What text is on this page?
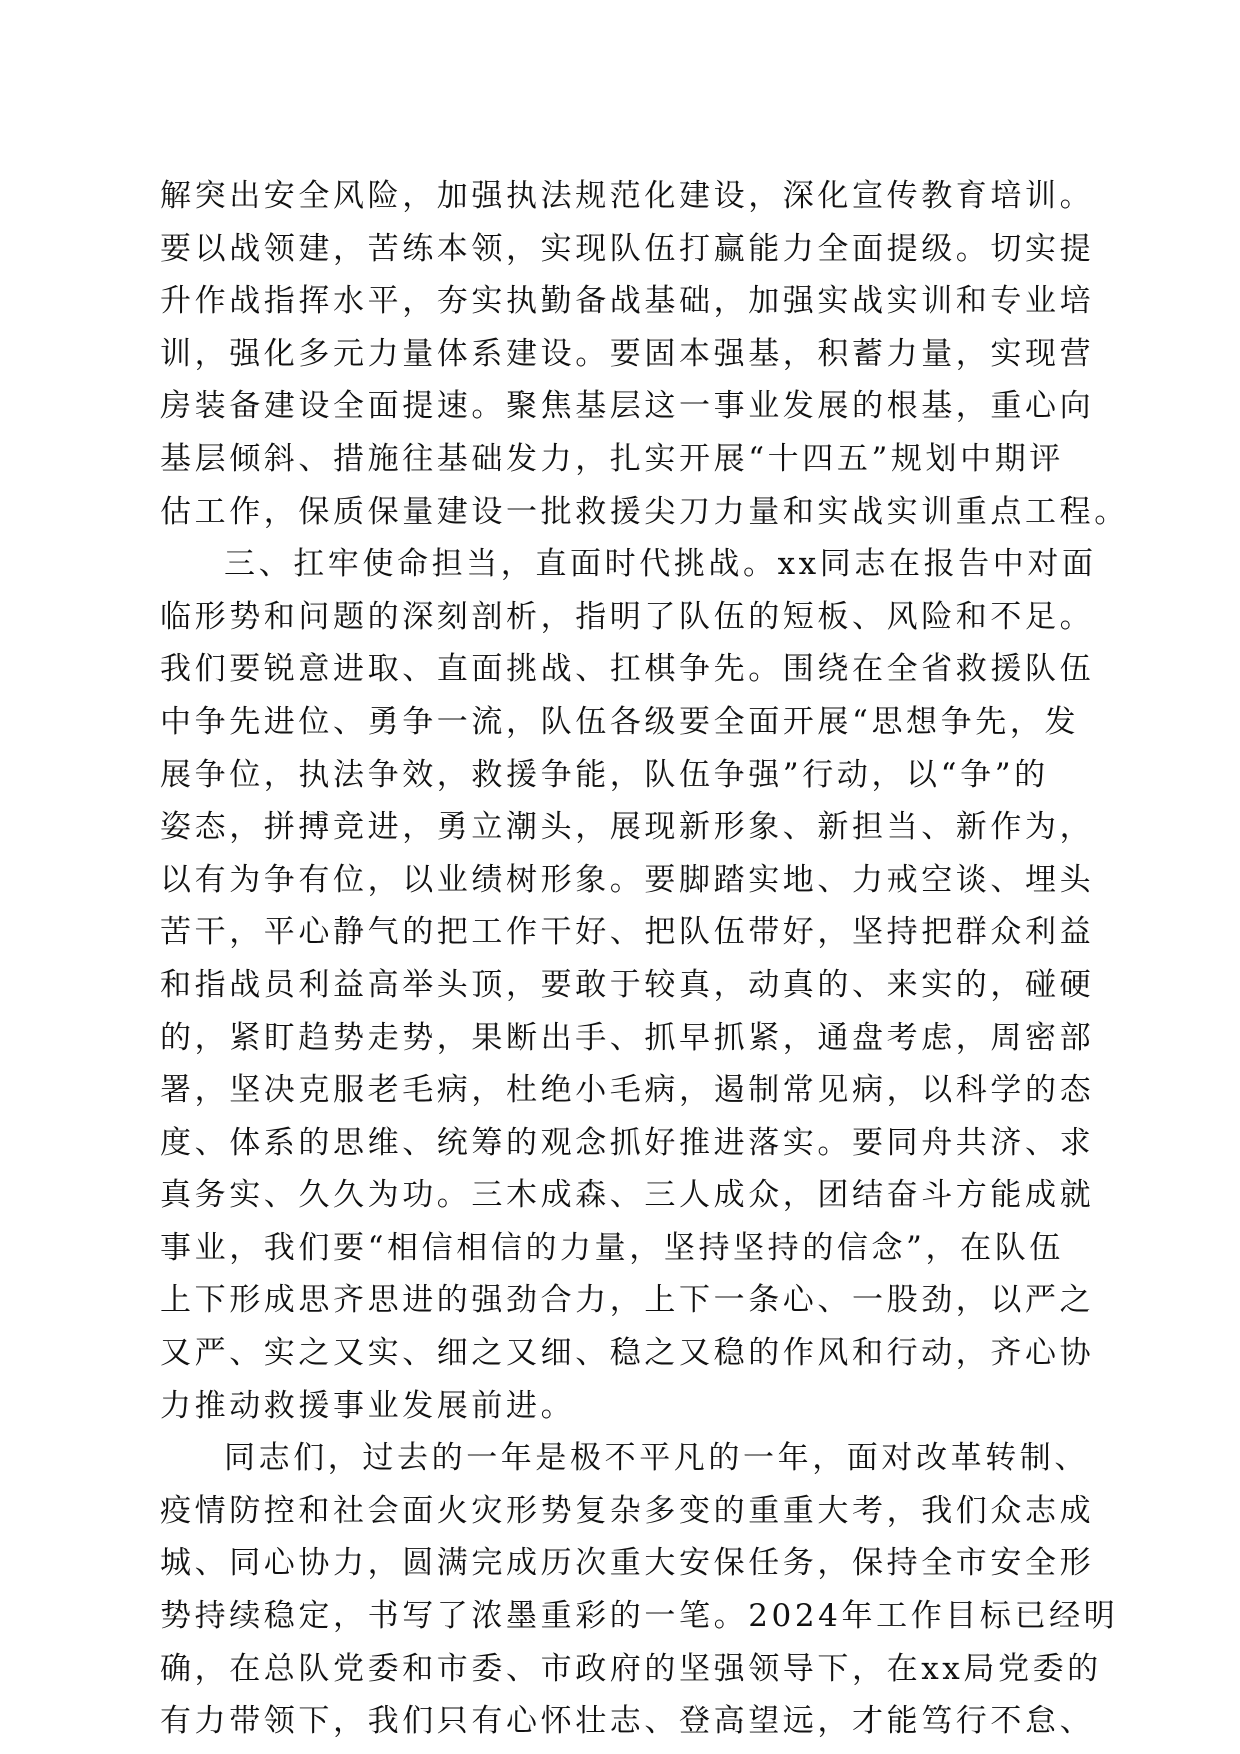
解突出安全风险，加强执法规范化建设，深化宣传教育培训。
要以战领建，苦练本领，实现队伍打赢能力全面提级。切实提
升作战指挥水平，夯实执勤备战基础，加强实战实训和专业培
训，强化多元力量体系建设。要固本强基，积蓄力量，实现营
房装备建设全面提速。聚焦基层这一事业发展的根基，重心向
基层倾斜、措施往基础发力，扎实开展“十四五”规划中期评
估工作，保质保量建设一批救援尖刀力量和实战实训重点工程。
三、扛牢使命担当，直面时代挑战。xx同志在报告中对面
临形势和问题的深刻剖析，指明了队伍的短板、风险和不足。
我们要锐意进取、直面挑战、扛棋争先。围绕在全省救援队伍
中争先进位、勇争一流，队伍各级要全面开展“思想争先，发
展争位，执法争效，救援争能，队伍争强”行动，以“争”的
姿态，拼搏竞进，勇立潮头，展现新形象、新担当、新作为，
以有为争有位，以业绩树形象。要脚踏实地、力戒空谈、埋头
苦干，平心静气的把工作干好、把队伍带好，坚持把群众利益
和指战员利益高举头顶，要敢于较真，动真的、来实的，碰硬
的，紧盯趋势走势，果断出手、抓早抓紧，通盘考虑，周密部
署，坚决克服老毛病，杜绝小毛病，遏制常见病，以科学的态
度、体系的思维、统筹的观念抓好推进落实。要同舟共济、求
真务实、久久为功。三木成森、三人成众，团结奋斗方能成就
事业，我们要“相信相信的力量，坚持坚持的信念”，在队伍
上下形成思齐思进的强劲合力，上下一条心、一股劲，以严之
又严、实之又实、细之又细、稳之又稳的作风和行动，齐心协
力推动救援事业发展前进。
同志们，过去的一年是极不平凡的一年，面对改革转制、
疫情防控和社会面火灾形势复杂多变的重重大考，我们众志成
城、同心协力，圆满完成历次重大安保任务，保持全市安全形
势持续稳定，书写了浓墨重彩的一笔。2024年工作目标已经明
确，在总队党委和市委、市政府的坚强领导下，在xx局党委的
有力带领下，我们只有心怀壮志、登高望远，才能笃行不怠、
